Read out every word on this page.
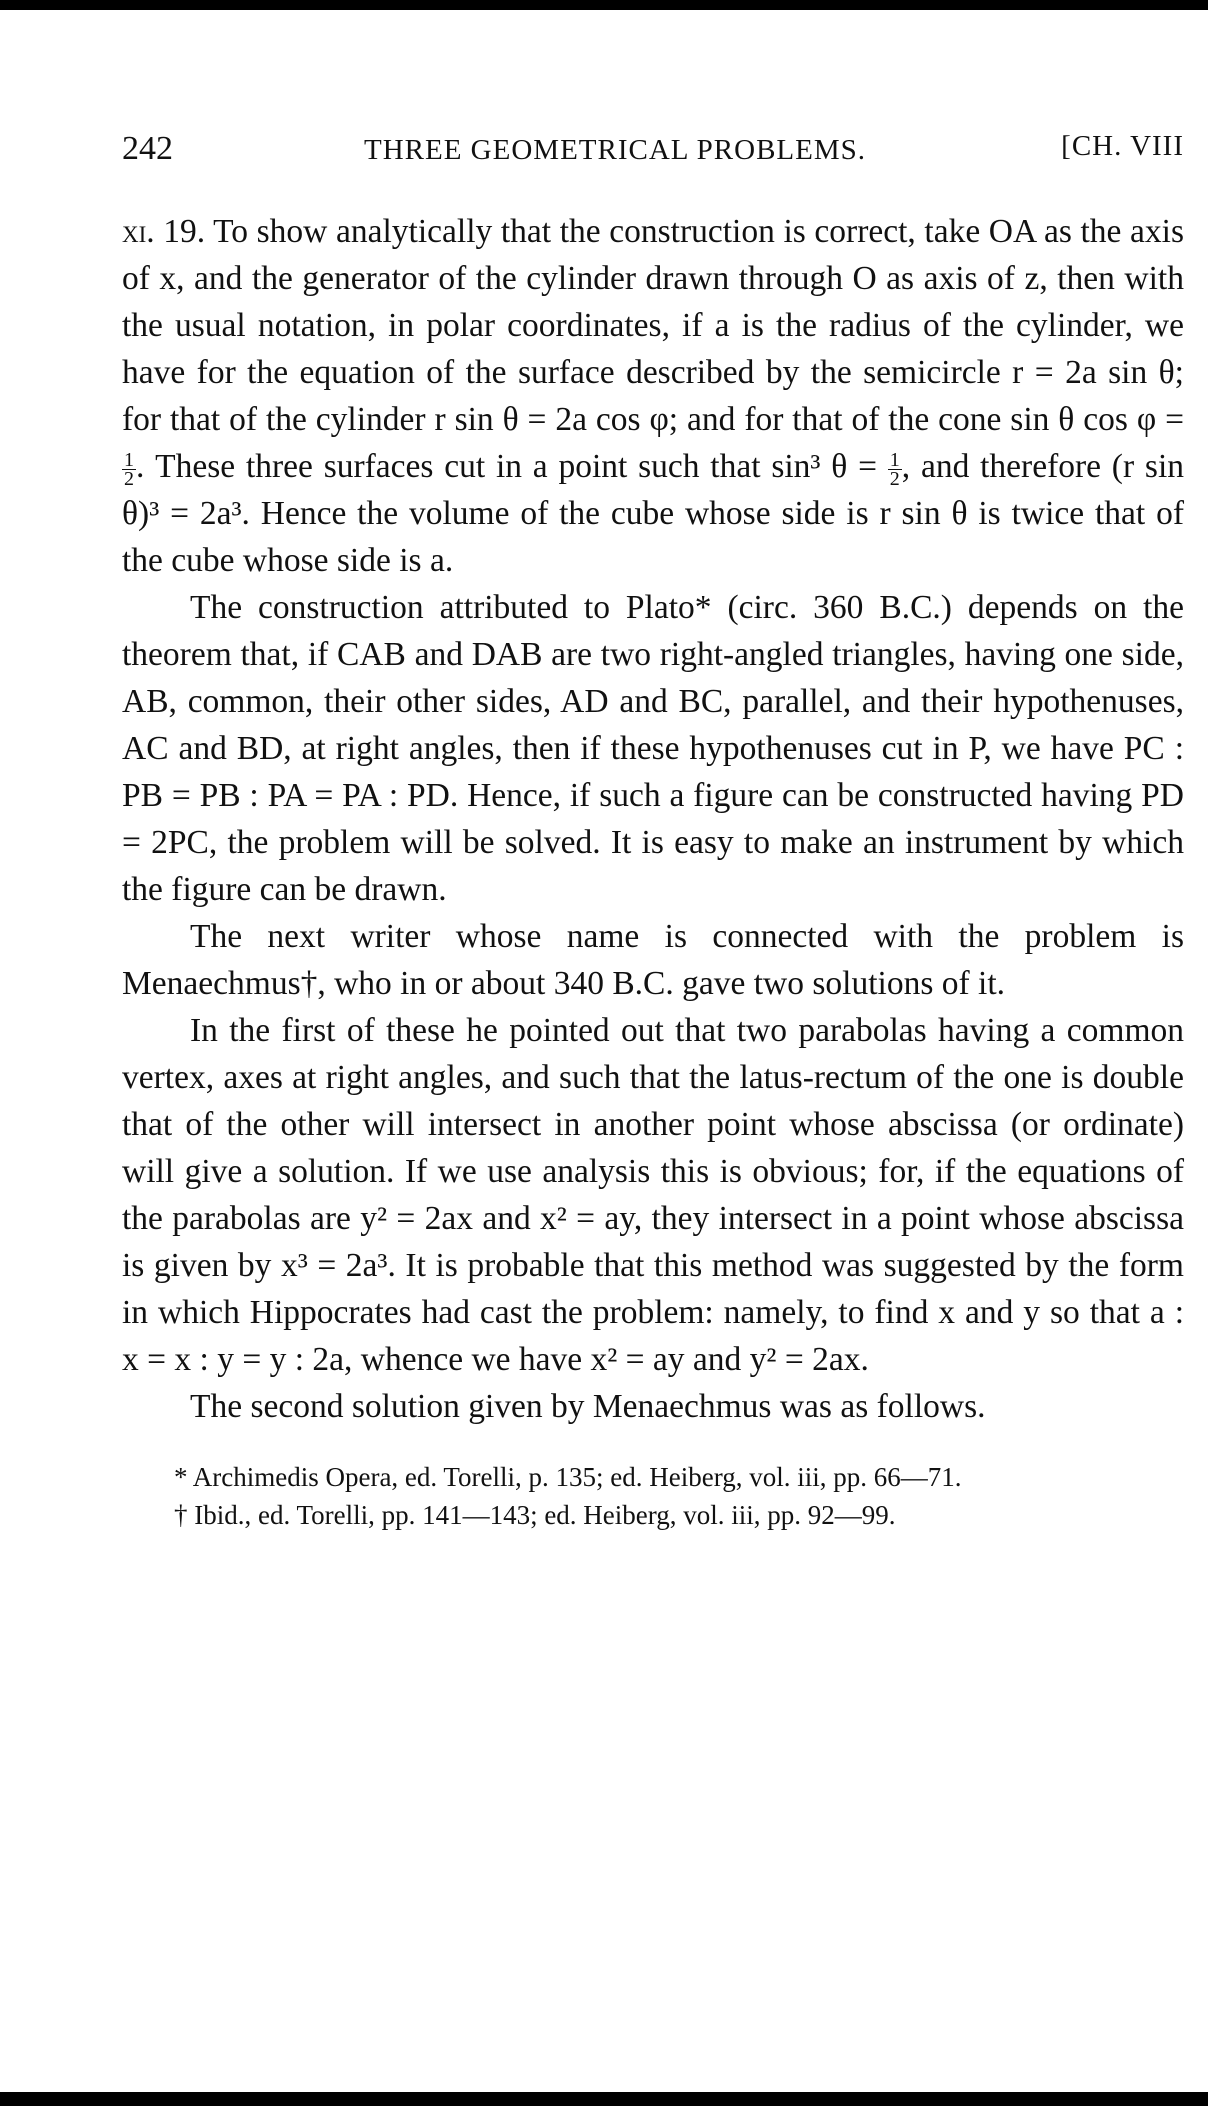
242	THREE GEOMETRICAL PROBLEMS.	[CH. VIII

xi. 19. To show analytically that the construction is correct, take OA as the axis of x, and the generator of the cylinder drawn through O as axis of z, then with the usual notation, in polar coordinates, if a is the radius of the cylinder, we have for the equation of the surface described by the semicircle r = 2a sin θ; for that of the cylinder r sin θ = 2a cos φ; and for that of the cone sin θ cos φ =
$\frac{1}{2}$ . These three surfaces cut in a point such that sin³ $\theta = \frac{1}{2}$ , and therefore (r sin θ)³ = 2a³. Hence the volume of the cube whose side is r sin θ is twice that of the cube whose side is a.

The construction attributed to Plato* (circ. 360 B.C.) depends on the theorem that, if CAB and DAB are two right-angled triangles, having one side, AB, common, their other sides, AD and BC, parallel, and their hypothenuses, AC and BD, at right angles, then if these hypothenuses cut in P, we have PC : PB = PB : PA = PA : PD. Hence, if such a figure can be constructed having PD = 2PC, the problem will be solved. It is easy to make an instrument by which the figure can be drawn.

The next writer whose name is connected with the problem is Menaechmus†, who in or about 340 B.C. gave two solutions of it.

In the first of these he pointed out that two parabolas having a common vertex, axes at right angles, and such that the latus-rectum of the one is double that of the other will intersect in another point whose abscissa (or ordinate) will give a solution. If we use analysis this is obvious; for, if the equations of the parabolas are y² = 2ax and x² = ay, they intersect in a point whose abscissa is given by x³ = 2a³. It is probable that this method was suggested by the form in which Hippocrates had cast the problem: namely, to find x and y so that a : x = x : y = y : 2a, whence we have x² = ay and y² = 2ax.

The second solution given by Menaechmus was as follows.

* Archimedis Opera, ed. Torelli, p. 135; ed. Heiberg, vol. iii, pp. 66—71.

† Ibid., ed. Torelli, pp. 141—143; ed. Heiberg, vol. iii, pp. 92—99.
